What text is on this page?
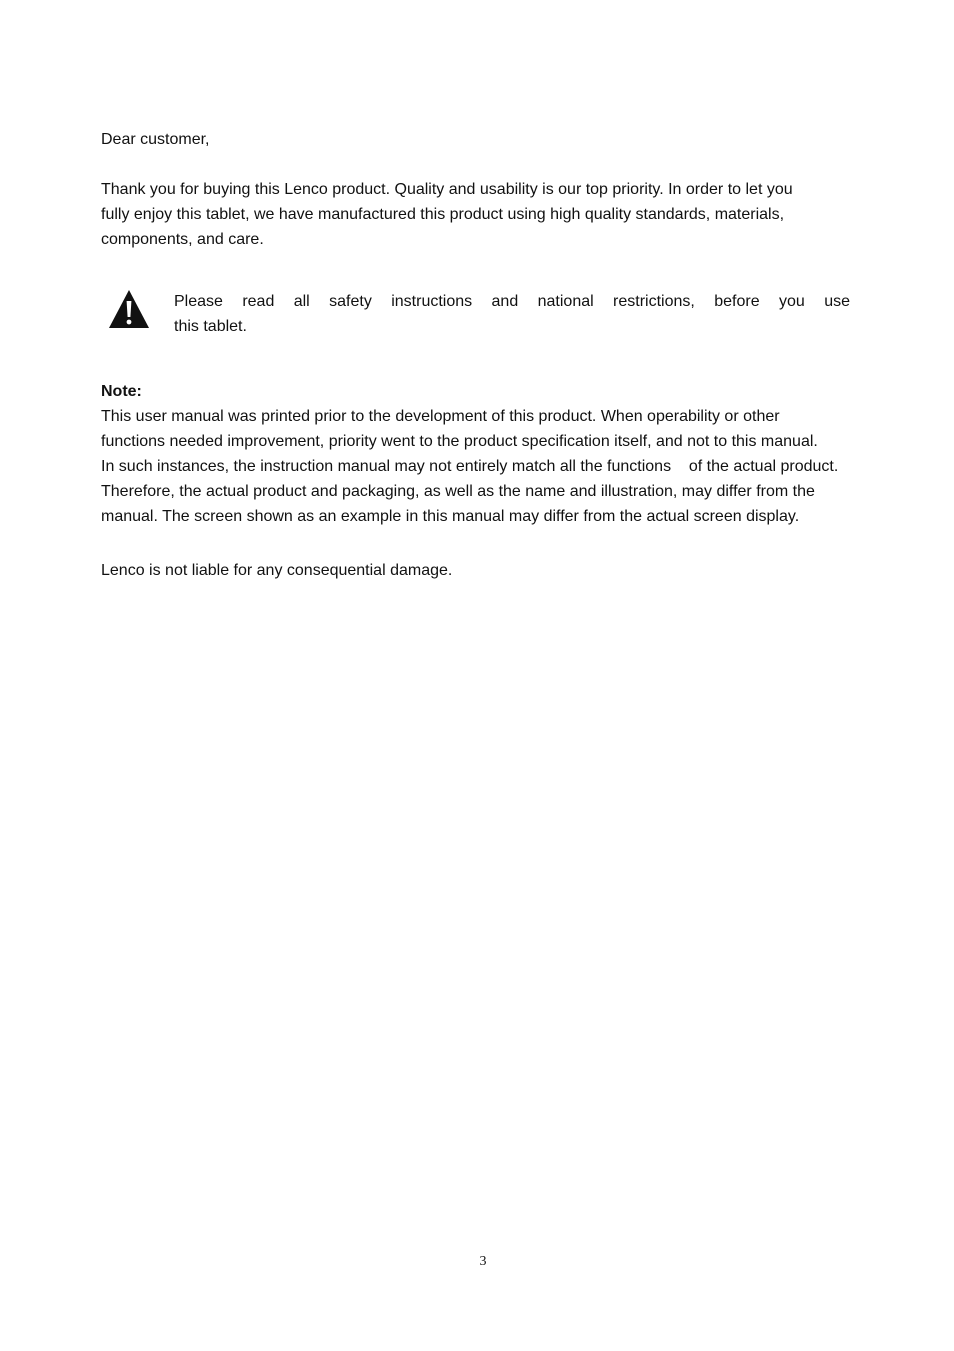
Dear customer,
Thank you for buying this Lenco product. Quality and usability is our top priority. In order to let you
fully enjoy this tablet, we have manufactured this product using high quality standards, materials,
components, and care.
Please read all safety instructions and national restrictions, before you use
this tablet.
Note:
This user manual was printed prior to the development of this product. When operability or other
functions needed improvement, priority went to the product specification itself, and not to this manual.
In such instances, the instruction manual may not entirely match all the functions    of the actual product.
Therefore, the actual product and packaging, as well as the name and illustration, may differ from the
manual. The screen shown as an example in this manual may differ from the actual screen display.
Lenco is not liable for any consequential damage.
3
